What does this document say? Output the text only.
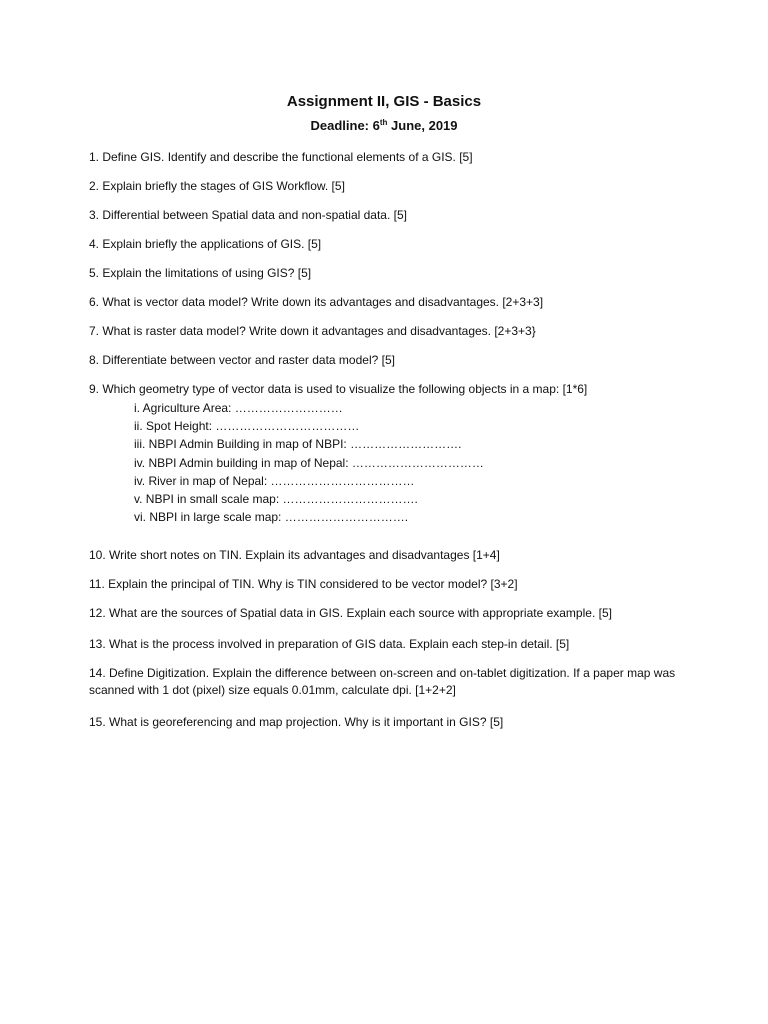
Assignment II, GIS - Basics
Deadline: 6th June, 2019
1. Define GIS. Identify and describe the functional elements of a GIS. [5]
2. Explain briefly the stages of GIS Workflow. [5]
3. Differential between Spatial data and non-spatial data. [5]
4. Explain briefly the applications of GIS. [5]
5. Explain the limitations of using GIS? [5]
6. What is vector data model? Write down its advantages and disadvantages. [2+3+3]
7. What is raster data model? Write down it advantages and disadvantages. [2+3+3}
8. Differentiate between vector and raster data model? [5]
9. Which geometry type of vector data is used to visualize the following objects in a map: [1*6]
i. Agriculture Area: ………………………
ii. Spot Height: ………………………………
iii. NBPI Admin Building in map of NBPI: ……………………….
iv. NBPI Admin building in map of Nepal: ……………………………
iv. River in map of Nepal: ………………………………
v. NBPI in small scale map: …………………………….
vi. NBPI in large scale map: ………………………….
10. Write short notes on TIN. Explain its advantages and disadvantages [1+4]
11. Explain the principal of TIN. Why is TIN considered to be vector model? [3+2]
12. What are the sources of Spatial data in GIS. Explain each source with appropriate example. [5]
13. What is the process involved in preparation of GIS data. Explain each step-in detail. [5]
14. Define Digitization. Explain the difference between on-screen and on-tablet digitization. If a paper map was scanned with 1 dot (pixel) size equals 0.01mm, calculate dpi. [1+2+2]
15. What is georeferencing and map projection. Why is it important in GIS? [5]
